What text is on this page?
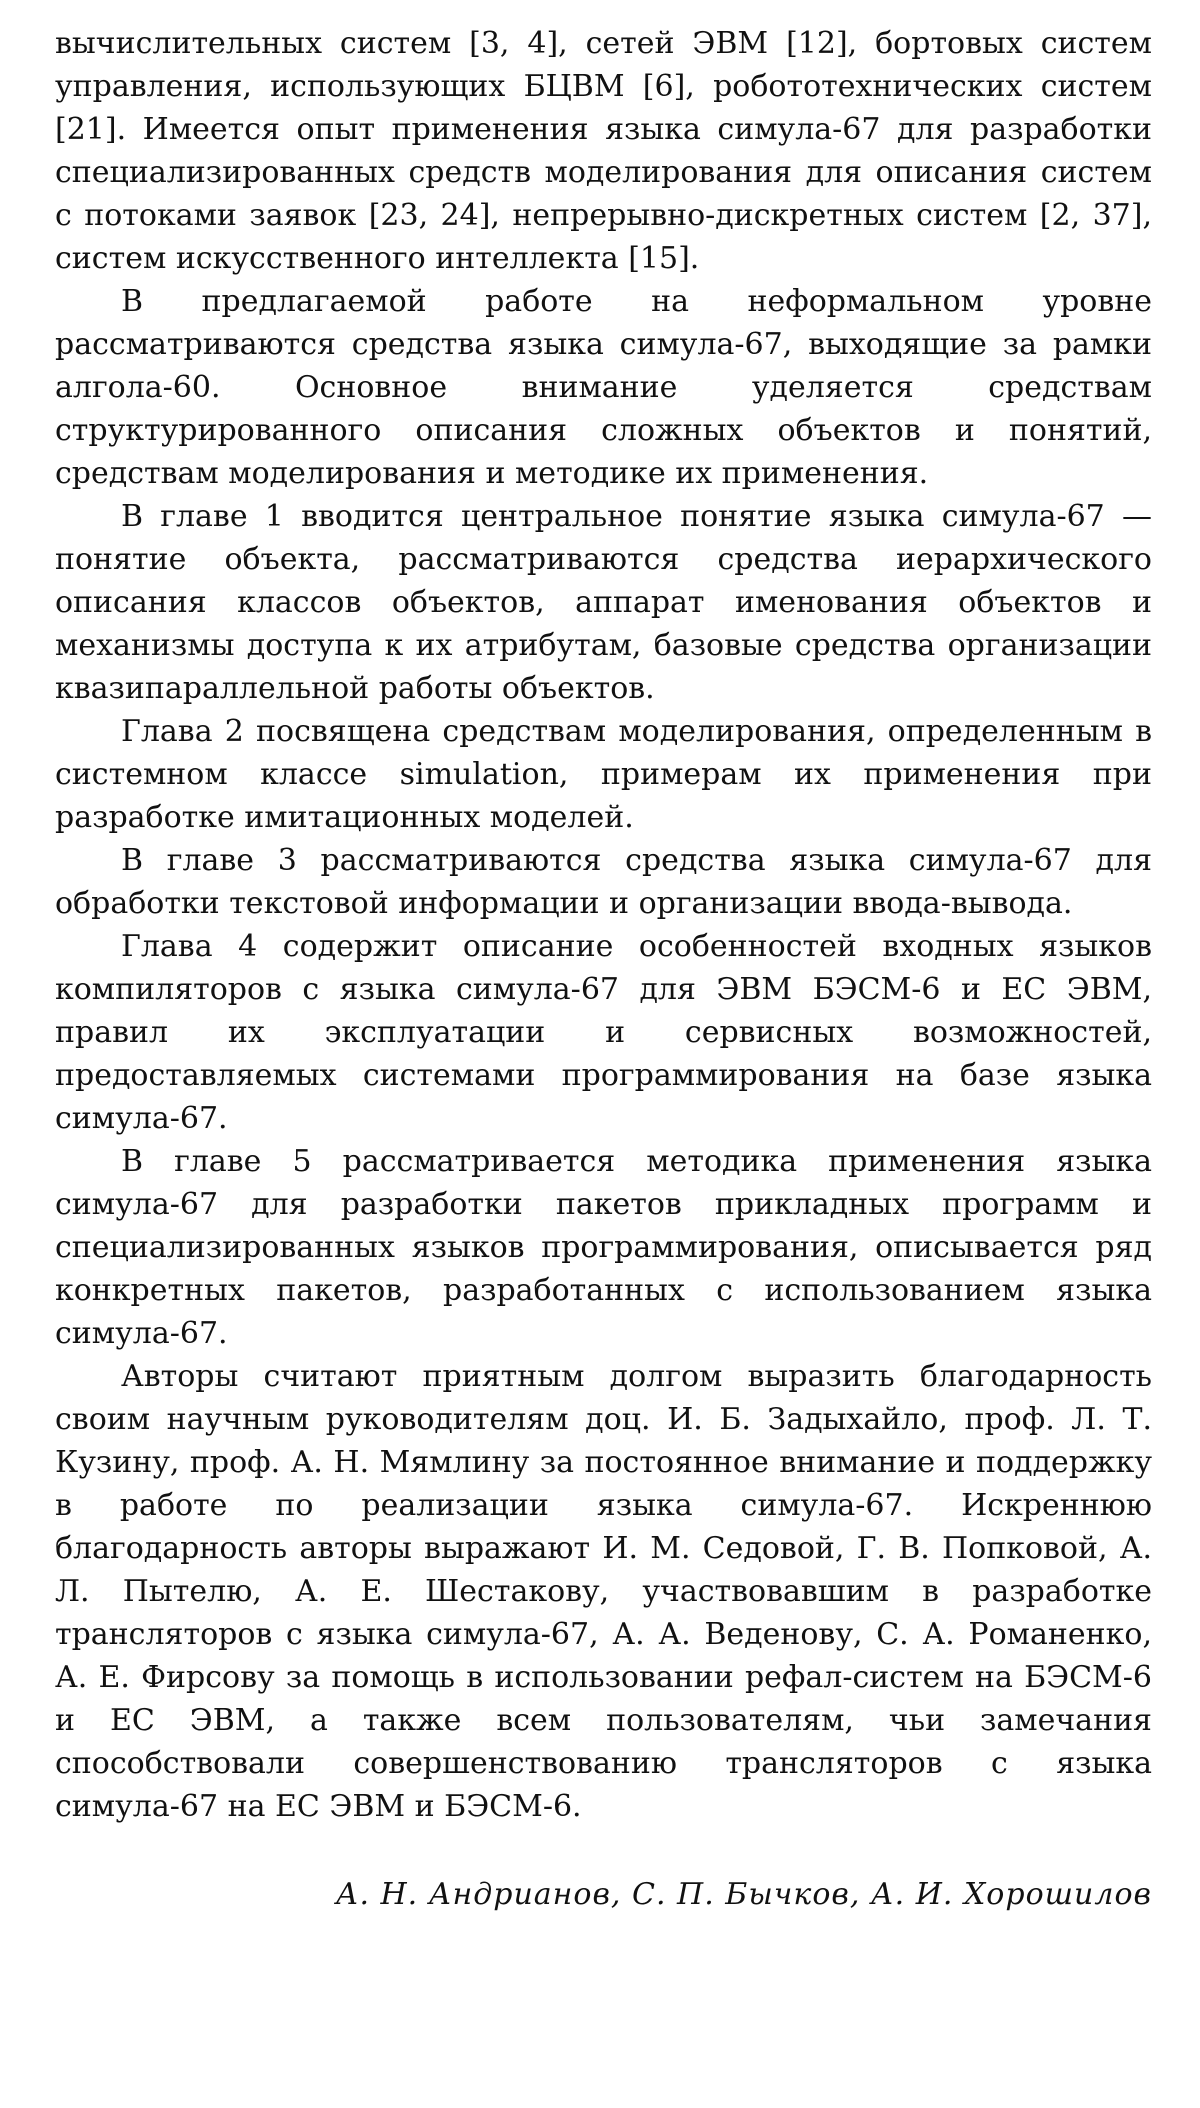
вычислительных систем [3, 4], сетей ЭВМ [12], бортовых систем управления, использующих БЦВМ [6], робототехнических систем [21]. Имеется опыт применения языка симула-67 для разработки специализированных средств моделирования для описания систем с потоками заявок [23, 24], непрерывно-дискретных систем [2, 37], систем искусственного интеллекта [15].

В предлагаемой работе на неформальном уровне рассматриваются средства языка симула-67, выходящие за рамки алгола-60. Основное внимание уделяется средствам структурированного описания сложных объектов и понятий, средствам моделирования и методике их применения.

В главе 1 вводится центральное понятие языка симула-67 — понятие объекта, рассматриваются средства иерархического описания классов объектов, аппарат именования объектов и механизмы доступа к их атрибутам, базовые средства организации квазипараллельной работы объектов.

Глава 2 посвящена средствам моделирования, определенным в системном классе simulation, примерам их применения при разработке имитационных моделей.

В главе 3 рассматриваются средства языка симула-67 для обработки текстовой информации и организации ввода-вывода.

Глава 4 содержит описание особенностей входных языков компиляторов с языка симула-67 для ЭВМ БЭСМ-6 и ЕС ЭВМ, правил их эксплуатации и сервисных возможностей, предоставляемых системами программирования на базе языка симула-67.

В главе 5 рассматривается методика применения языка симула-67 для разработки пакетов прикладных программ и специализированных языков программирования, описывается ряд конкретных пакетов, разработанных с использованием языка симула-67.

Авторы считают приятным долгом выразить благодарность своим научным руководителям доц. И. Б. Задыхайло, проф. Л. Т. Кузину, проф. А. Н. Мямлину за постоянное внимание и поддержку в работе по реализации языка симула-67. Искреннюю благодарность авторы выражают И. М. Седовой, Г. В. Попковой, А. Л. Пытелю, А. Е. Шестакову, участвовавшим в разработке трансляторов с языка симула-67, А. А. Веденову, С. А. Романенко, А. Е. Фирсову за помощь в использовании рефал-систем на БЭСМ-6 и ЕС ЭВМ, а также всем пользователям, чьи замечания способствовали совершенствованию трансляторов с языка симула-67 на ЕС ЭВМ и БЭСМ-6.

А. Н. Андрианов, С. П. Бычков, А. И. Хорошилов
